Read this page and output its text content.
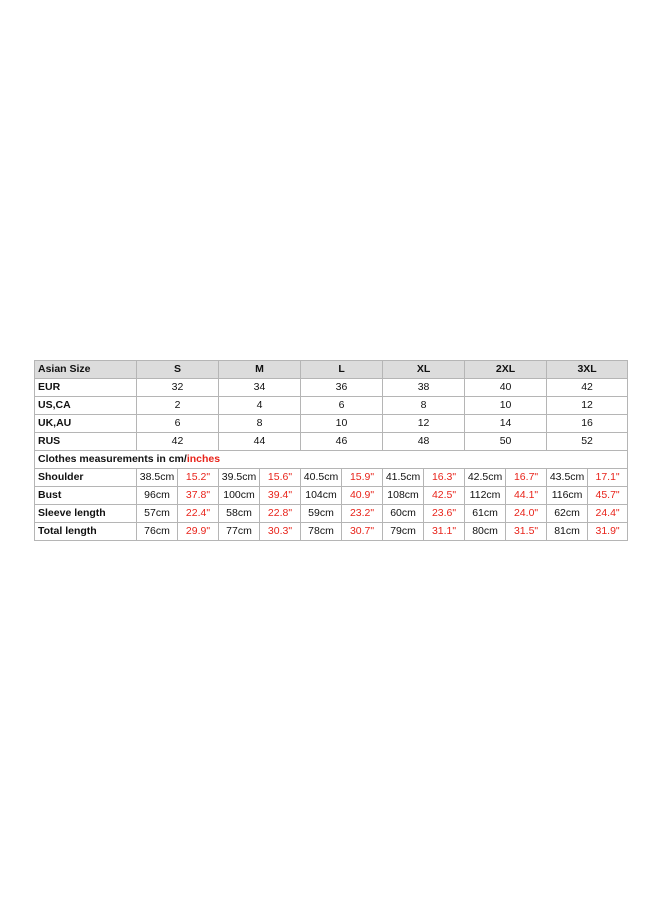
Asian Size	S		M		L		XL		2XL		3XL	
EUR	32		34		36		38		40		42	
US,CA	2		4		6		8		10		12	
UK,AU	6		8		10		12		14		16	
RUS	42		44		46		48		50		52	
Clothes measurements in cm/inches												
Shoulder	38.5cm	15.2"	39.5cm	15.6"	40.5cm	15.9"	41.5cm	16.3"	42.5cm	16.7"	43.5cm	17.1"
Bust	96cm	37.8"	100cm	39.4"	104cm	40.9"	108cm	42.5"	112cm	44.1"	116cm	45.7"
Sleeve length	57cm	22.4"	58cm	22.8"	59cm	23.2"	60cm	23.6"	61cm	24.0"	62cm	24.4"
Total length	76cm	29.9"	77cm	30.3"	78cm	30.7"	79cm	31.1"	80cm	31.5"	81cm	31.9"
